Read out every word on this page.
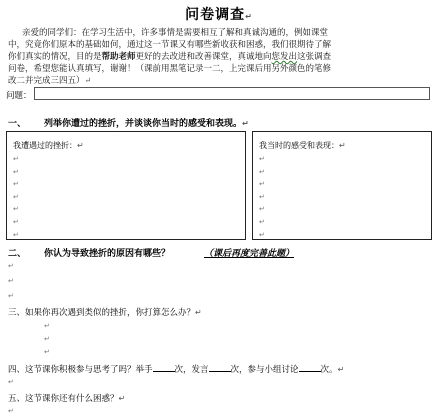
问卷调查↵
亲爱的同学们：在学习生活中，许多事情是需要相互了解和真诚沟通的，例如课堂
中，究竟你们原本的基础如何，通过这一节课又有哪些新收获和困惑，我们很期待了解
你们真实的情况，目的是帮助老师更好的去改进和改善课堂，真诚地向您发出这张调查
问卷，希望您能认真填写，谢谢！（课前用黑笔记录一二，上完课后用另外颜色的笔修
改二并完成三四五）↵
问题：
一、 列举你遭过的挫折，并谈谈你当时的感受和表现。↵
我遭遇过的挫折：↵
↵
↵
↵
↵
↵
↵
↵
我当时的感受和表现：↵
↵
↵
↵
↵
↵
↵
↵
二、 你认为导致挫折的原因有哪些？	（课后再度完善此题）
↵
↵
↵
三、如果你再次遇到类似的挫折，你打算怎么办？↵
↵
↵
↵
四、这节课你积极参与思考了吗？举手	次，发言	次，参与小组讨论	次。↵
↵
五、这节课你还有什么困惑？↵
↵
